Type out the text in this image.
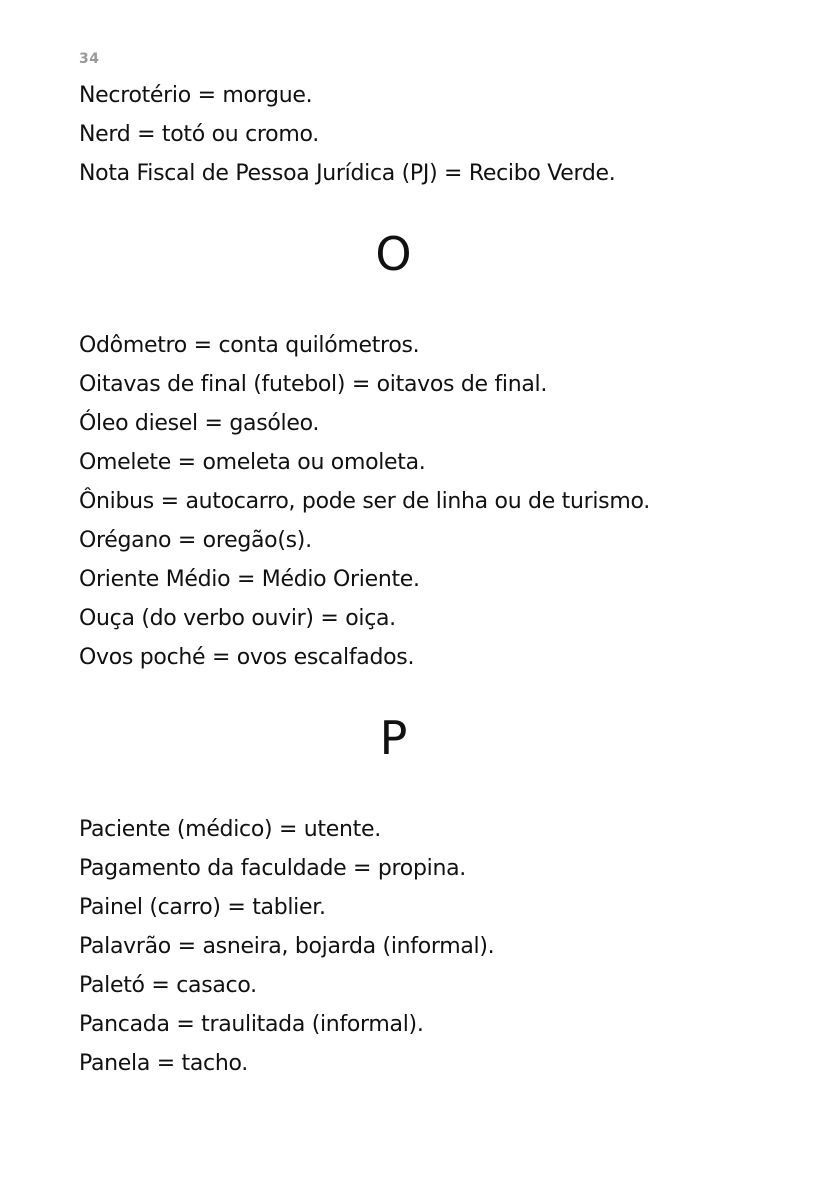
34
Necrotério = morgue.
Nerd = totó ou cromo.
Nota Fiscal de Pessoa Jurídica (PJ) = Recibo Verde.
O
Odômetro = conta quilómetros.
Oitavas de final (futebol) = oitavos de final.
Óleo diesel = gasóleo.
Omelete = omeleta ou omoleta.
Ônibus = autocarro, pode ser de linha ou de turismo.
Orégano = oregão(s).
Oriente Médio = Médio Oriente.
Ouça (do verbo ouvir) = oiça.
Ovos poché = ovos escalfados.
P
Paciente (médico) = utente.
Pagamento da faculdade = propina.
Painel (carro) = tablier.
Palavrão = asneira, bojarda (informal).
Paletó = casaco.
Pancada = traulitada (informal).
Panela = tacho.
